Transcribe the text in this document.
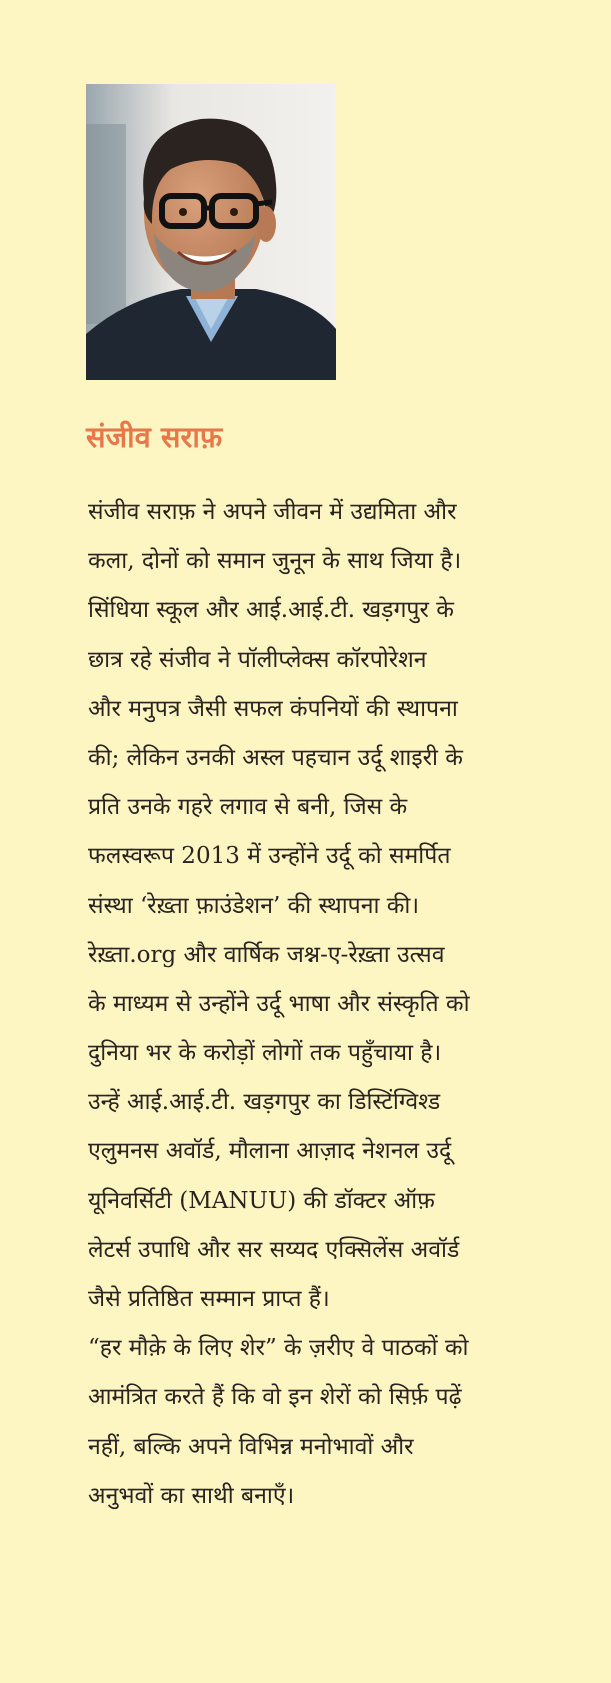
संजीव सराफ़
संजीव सराफ़ ने अपने जीवन में उद्यमिता और
कला, दोनों को समान जुनून के साथ जिया है।
सिंधिया स्कूल और आई.आई.टी. खड़गपुर के
छात्र रहे संजीव ने पॉलीप्लेक्स कॉरपोरेशन
और मनुपत्र जैसी सफल कंपनियों की स्थापना
की; लेकिन उनकी अस्ल पहचान उर्दू शाइरी के
प्रति उनके गहरे लगाव से बनी, जिस के
फलस्वरूप 2013 में उन्होंने उर्दू को समर्पित
संस्था ‘रेख़्ता फ़ाउंडेशन’ की स्थापना की।
रेख़्ता.org और वार्षिक जश्न-ए-रेख़्ता उत्सव
के माध्यम से उन्होंने उर्दू भाषा और संस्कृति को
दुनिया भर के करोड़ों लोगों तक पहुँचाया है।
उन्हें आई.आई.टी. खड़गपुर का डिस्टिंग्विश्ड
एलुमनस अवॉर्ड, मौलाना आज़ाद नेशनल उर्दू
यूनिवर्सिटी (MANUU) की डॉक्टर ऑफ़
लेटर्स उपाधि और सर सय्यद एक्सिलेंस अवॉर्ड
जैसे प्रतिष्ठित सम्मान प्राप्त हैं।
“हर मौक़े के लिए शेर” के ज़रीए वे पाठकों को
आमंत्रित करते हैं कि वो इन शेरों को सिर्फ़ पढ़ें
नहीं, बल्कि अपने विभिन्न मनोभावों और
अनुभवों का साथी बनाएँ।
